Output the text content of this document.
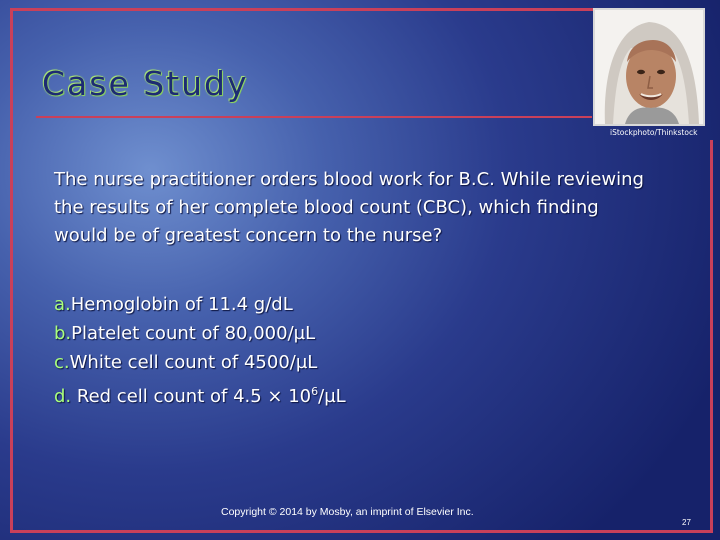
Case Study
iStockphoto/Thinkstock

The nurse practitioner orders blood work for B.C. While reviewing the results of her complete blood count (CBC), which finding would be of greatest concern to the nurse?

a.Hemoglobin of 11.4 g/dL
b.Platelet count of 80,000/µL
c.White cell count of 4500/µL
d. Red cell count of $4.5 \times 10^6/\mu L$
Copyright © 2014 by Mosby, an imprint of Elsevier Inc.
27
